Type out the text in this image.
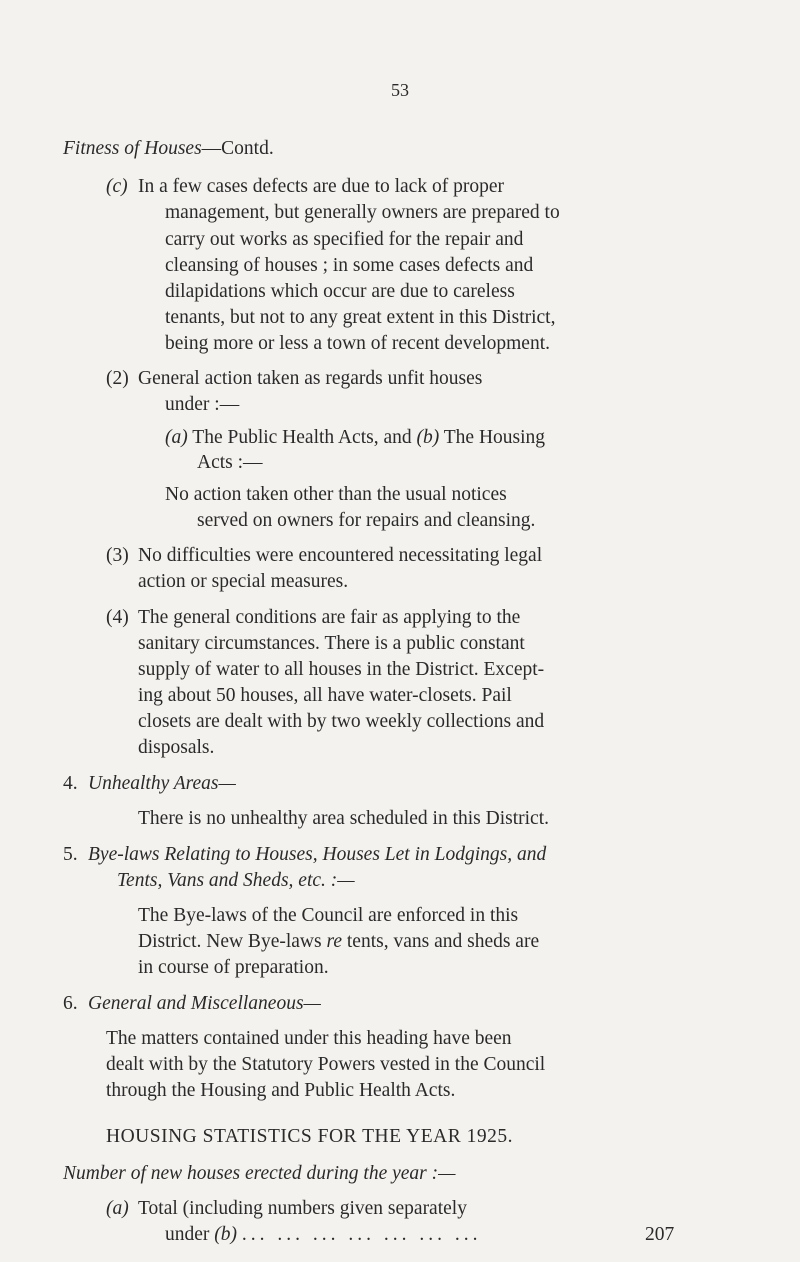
53
Fitness of Houses—Contd.
(c) In a few cases defects are due to lack of proper
management, but generally owners are prepared to
carry out works as specified for the repair and
cleansing of houses ; in some cases defects and
dilapidations which occur are due to careless
tenants, but not to any great extent in this District,
being more or less a town of recent development.
(2) General action taken as regards unfit houses
under :—
(a) The Public Health Acts, and (b) The Housing
Acts :—
No action taken other than the usual notices
served on owners for repairs and cleansing.
(3) No difficulties were encountered necessitating legal
action or special measures.
(4) The general conditions are fair as applying to the
sanitary circumstances. There is a public constant
supply of water to all houses in the District. Except-
ing about 50 houses, all have water-closets. Pail
closets are dealt with by two weekly collections and
disposals.
4. Unhealthy Areas—
There is no unhealthy area scheduled in this District.
5. Bye-laws Relating to Houses, Houses Let in Lodgings, and
Tents, Vans and Sheds, etc. :—
The Bye-laws of the Council are enforced in this
District. New Bye-laws re tents, vans and sheds are
in course of preparation.
6. General and Miscellaneous—
The matters contained under this heading have been
dealt with by the Statutory Powers vested in the Council
through the Housing and Public Health Acts.
HOUSING STATISTICS FOR THE YEAR 1925.
Number of new houses erected during the year :—
(a) Total (including numbers given separately
under (b) ... ... ... ... ... ... ...	207
